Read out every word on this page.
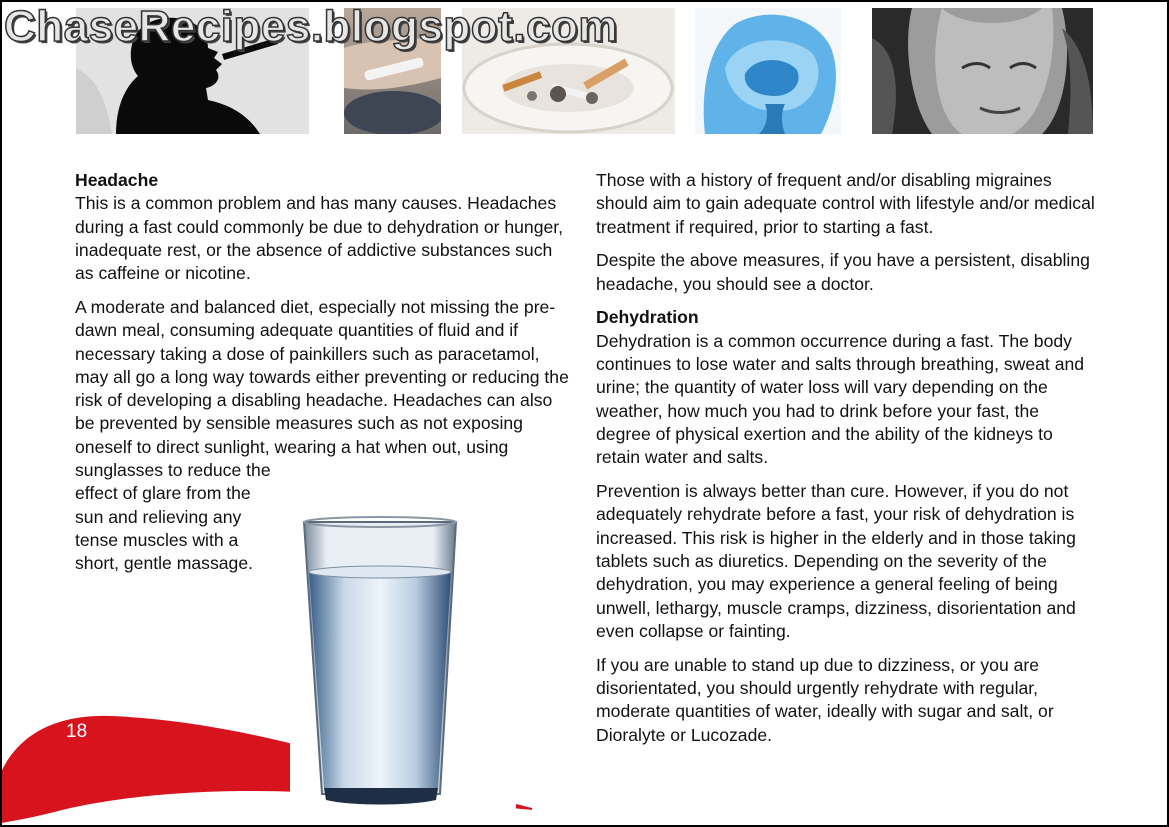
ChaseRecipes.blogspot.com
Headache

This is a common problem and has many causes. Headaches during a fast could commonly be due to dehydration or hunger, inadequate rest, or the absence of addictive substances such as caffeine or nicotine.

A moderate and balanced diet, especially not missing the pre-dawn meal, consuming adequate quantities of fluid and if necessary taking a dose of painkillers such as paracetamol, may all go a long way towards either preventing or reducing the risk of developing a disabling headache. Headaches can also be prevented by sensible measures such as not exposing oneself to direct sunlight, wearing a hat when out, using sunglasses to reduce the
effect of glare from the
sun and relieving any
tense muscles with a
short, gentle massage.

18

Those with a history of frequent and/or disabling migraines should aim to gain adequate control with lifestyle and/or medical treatment if required, prior to starting a fast.

Despite the above measures, if you have a persistent, disabling headache, you should see a doctor.

Dehydration

Dehydration is a common occurrence during a fast. The body continues to lose water and salts through breathing, sweat and urine; the quantity of water loss will vary depending on the weather, how much you had to drink before your fast, the degree of physical exertion and the ability of the kidneys to retain water and salts.

Prevention is always better than cure. However, if you do not adequately rehydrate before a fast, your risk of dehydration is increased. This risk is higher in the elderly and in those taking tablets such as diuretics. Depending on the severity of the dehydration, you may experience a general feeling of being unwell, lethargy, muscle cramps, dizziness, disorientation and even collapse or fainting.

If you are unable to stand up due to dizziness, or you are disorientated, you should urgently rehydrate with regular, moderate quantities of water, ideally with sugar and salt, or Dioralyte or Lucozade.
